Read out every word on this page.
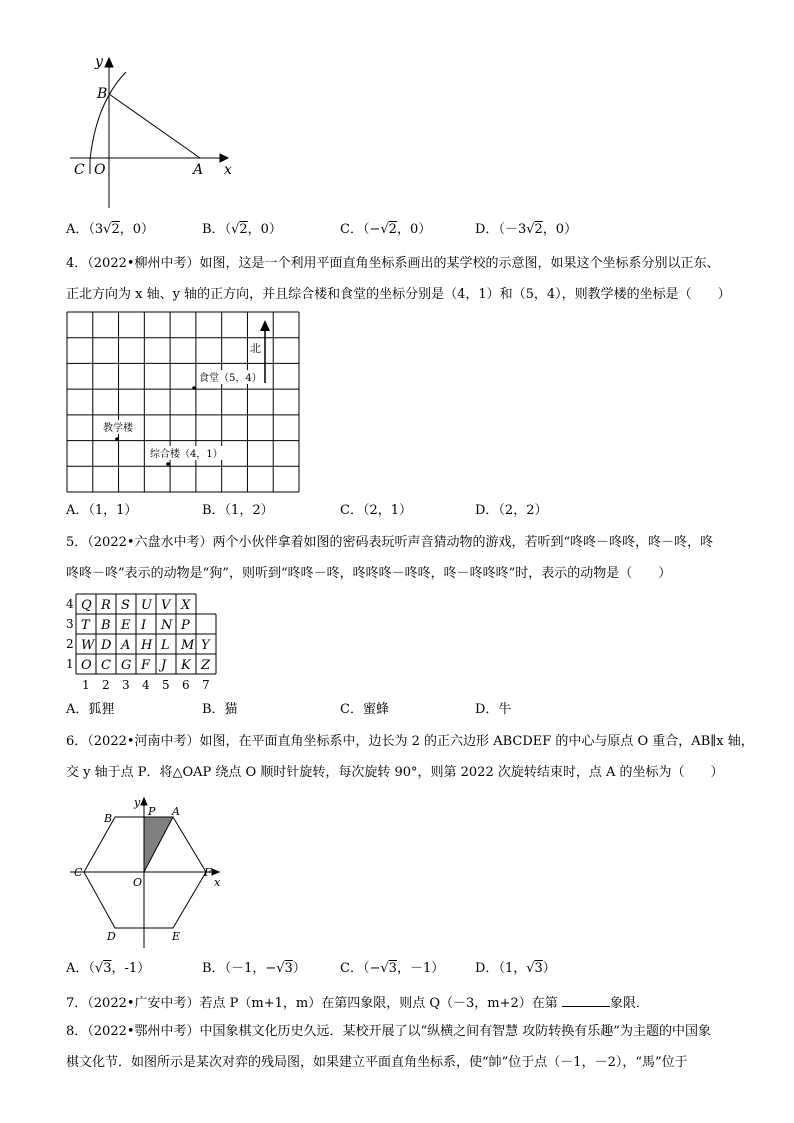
y
x
B
C O	A
A．（3√2，0）	B．（√2，0）	C．（−√2，0）	D．（－3√2，0）
4．（2022•柳州中考）如图，这是一个利用平面直角坐标系画出的某学校的示意图，如果这个坐标系分别以正东、
正北方向为 x 轴、y 轴的正方向，并且综合楼和食堂的坐标分别是（4，1）和（5，4），则教学楼的坐标是（　　）
北
食堂（5，4）
教学楼
综合楼（4，1）
A．（1，1）	B．（1，2）	C．（2，1）	D．（2，2）
5．（2022•六盘水中考）两个小伙伴拿着如图的密码表玩听声音猜动物的游戏，若听到“咚咚－咚咚，咚－咚，咚
咚咚－咚”表示的动物是“狗”，则听到“咚咚－咚，咚咚咚－咚咚，咚－咚咚咚”时，表示的动物是（　　）
4 Q R S U V X
3 T B E I N P
2 W D A H L M Y
1 O C G F J K Z
1 2 3 4 5 6 7
A．狐狸	B．猫	C．蜜蜂	D．牛
6．（2022•河南中考）如图，在平面直角坐标系中，边长为 2 的正六边形 ABCDEF 的中心与原点 O 重合，AB∥x 轴，
交 y 轴于点 P．将△OAP 绕点 O 顺时针旋转，每次旋转 90°，则第 2022 次旋转结束时，点 A 的坐标为（　　）
y
x
P A
B
C
O
F
D	E
A．（√3，-1）	B．（－1，−√3）	C．（−√3，－1） D．（1，√3）
7．（2022•广安中考）若点 P（m+1，m）在第四象限，则点 Q（－3，m+2）在第	象限．
8．（2022•鄂州中考）中国象棋文化历史久远．某校开展了以“纵横之间有智慧 攻防转换有乐趣”为主题的中国象
棋文化节．如图所示是某次对弈的残局图，如果建立平面直角坐标系，使“帥”位于点（－1，－2），“馬”位于
